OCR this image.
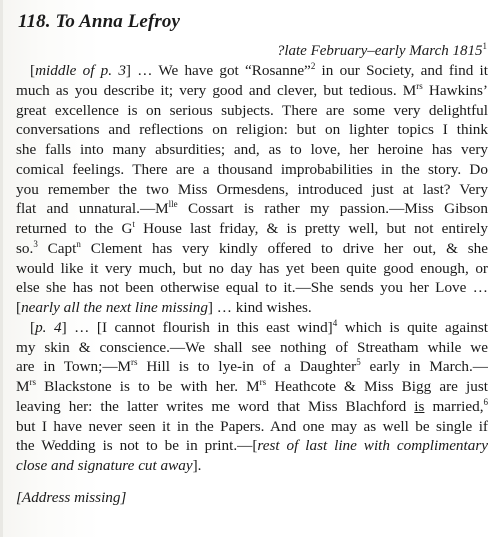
118. To Anna Lefroy
?late February–early March 1815$^1$
[middle of p. 3] … We have got “Rosanne”$^2$ in our Society, and find it
much as you describe it; very good and clever, but tedious. $M^{rs}$ Hawkins’
great excellence is on serious subjects. There are some very delightful
conversations and reflections on religion: but on lighter topics I think
she falls into many absurdities; and, as to love, her heroine has very
comical feelings. There are a thousand improbabilities in the story. Do
you remember the two Miss Ormesdens, introduced just at last? Very
flat and $unnatural.—M^{lle}$ Cossart is rather my passion.—Miss Gibson
returned to the $G^t$ House last friday, & is pretty well, but not entirely
so.$^3$ Capt$^n$ Clement has very kindly offered to drive her out, & she
would like it very much, but no day has yet been quite good enough, or
else she has not been otherwise equal to it.—She sends you her Love …
[nearly all the next line missing] … kind wishes.
[p. 4] … [I cannot flourish in this east wind]$^4$ which is quite against
my skin & conscience.—We shall see nothing of Streatham while we
are in $Town;—M^{rs}$ Hill is to lye-in of a Daughter$^5$ early in March.—
$M^{rs}$ Blackstone is to be with her. $M^{rs}$ Heathcote & Miss Bigg are just
leaving her: the latter writes me word that Miss Blachford is married,$^6$
but I have never seen it in the Papers. And one may as well be single if
the Wedding is not to be in print.—[rest of last line with complimentary
close and signature cut away].
[Address missing]
